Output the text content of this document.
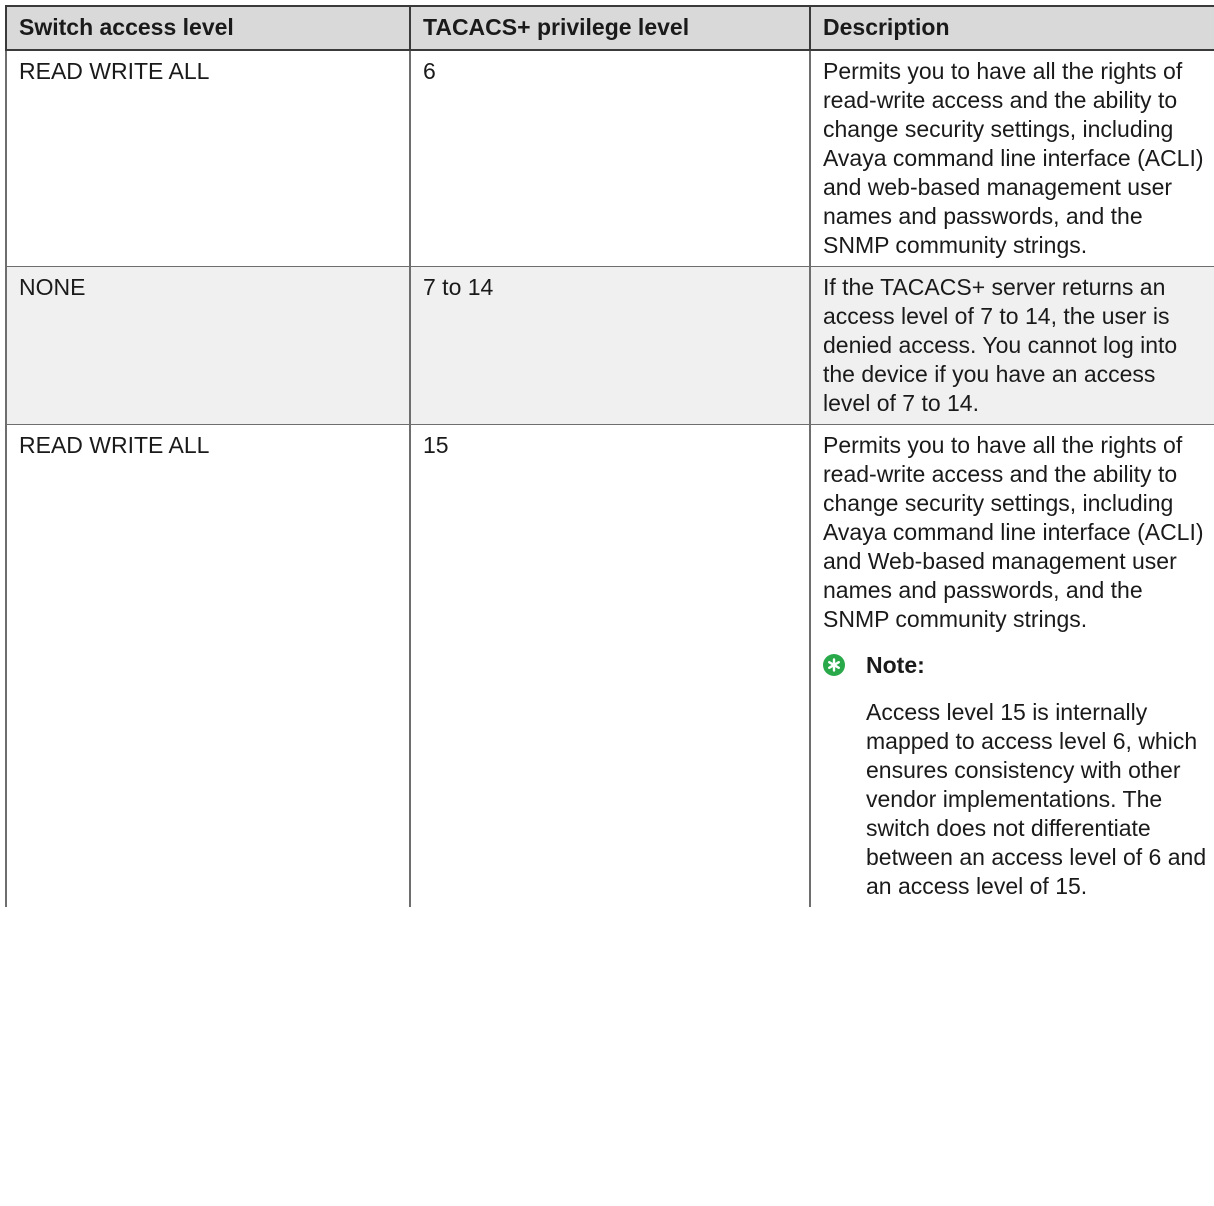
Switch access level	TACACS+ privilege level	Description
READ WRITE ALL	6	Permits you to have all the rights of read-write access and the ability to change security settings, including Avaya command line interface (ACLI) and web-based management user names and passwords, and the SNMP community strings.

NONE	7 to 14	If the TACACS+ server returns an access level of 7 to 14, the user is denied access. You cannot log into the device if you have an access level of 7 to 14.

READ WRITE ALL	15	Permits you to have all the rights of read-write access and the ability to change security settings, including Avaya command line interface (ACLI) and Web-based management user names and passwords, and the SNMP community strings.
Note:
Access level 15 is internally mapped to access level 6, which ensures consistency with other vendor implementations. The switch does not differentiate between an access level of 6 and an access level of 15.
